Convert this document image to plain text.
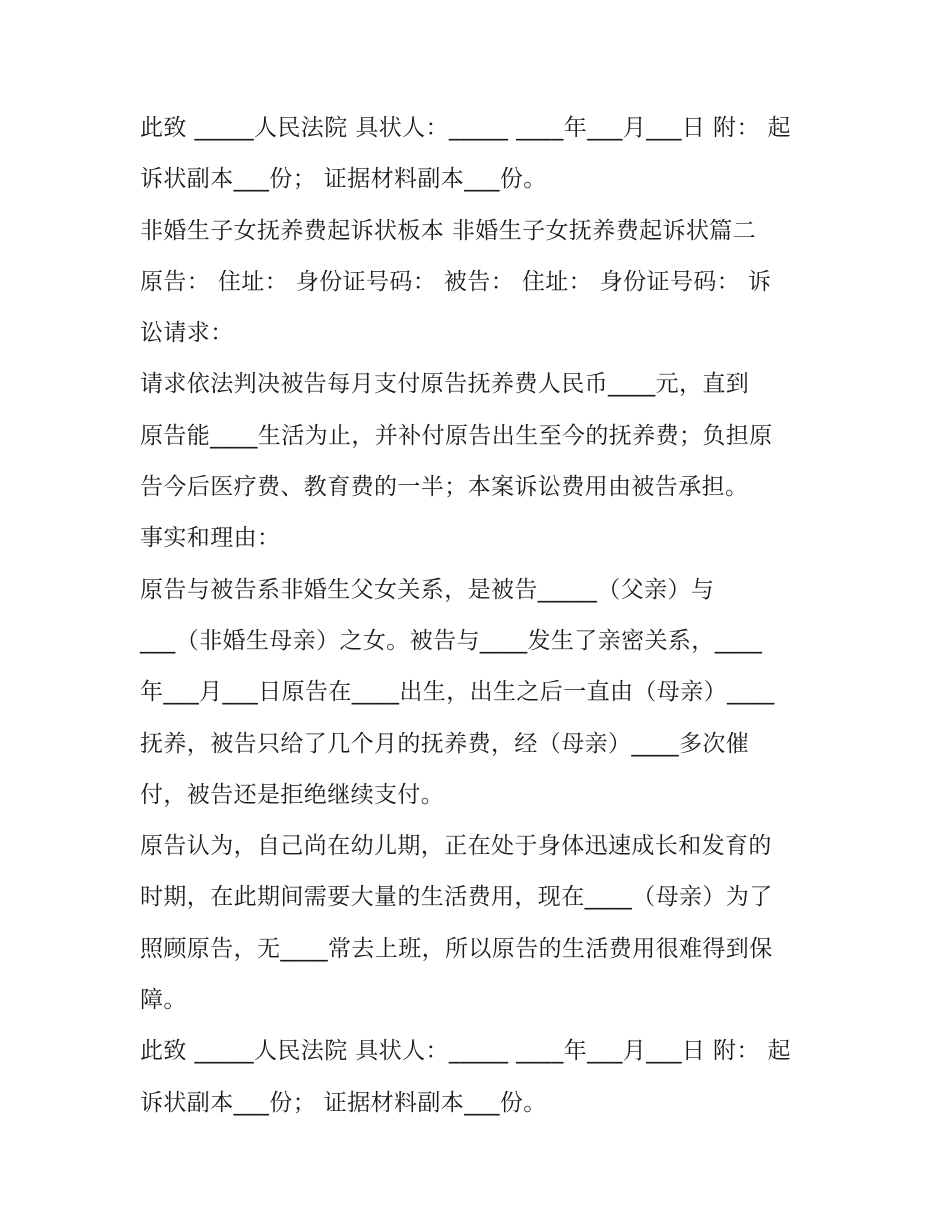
此致 _____人民法院 具状人：_____ ____年___月___日 附： 起
诉状副本___份； 证据材料副本___份。
非婚生子女抚养费起诉状板本 非婚生子女抚养费起诉状篇二
原告： 住址： 身份证号码： 被告： 住址： 身份证号码： 诉
讼请求：
请求依法判决被告每月支付原告抚养费人民币____元，直到
原告能____生活为止，并补付原告出生至今的抚养费；负担原
告今后医疗费、教育费的一半；本案诉讼费用由被告承担。
事实和理由：
原告与被告系非婚生父女关系，是被告_____（父亲）与
___（非婚生母亲）之女。被告与____发生了亲密关系，____
年___月___日原告在____出生，出生之后一直由（母亲）____
抚养，被告只给了几个月的抚养费，经（母亲）____多次催
付，被告还是拒绝继续支付。
原告认为，自己尚在幼儿期，正在处于身体迅速成长和发育的
时期，在此期间需要大量的生活费用，现在____（母亲）为了
照顾原告，无____常去上班，所以原告的生活费用很难得到保
障。
此致 _____人民法院 具状人：_____ ____年___月___日 附： 起
诉状副本___份； 证据材料副本___份。
